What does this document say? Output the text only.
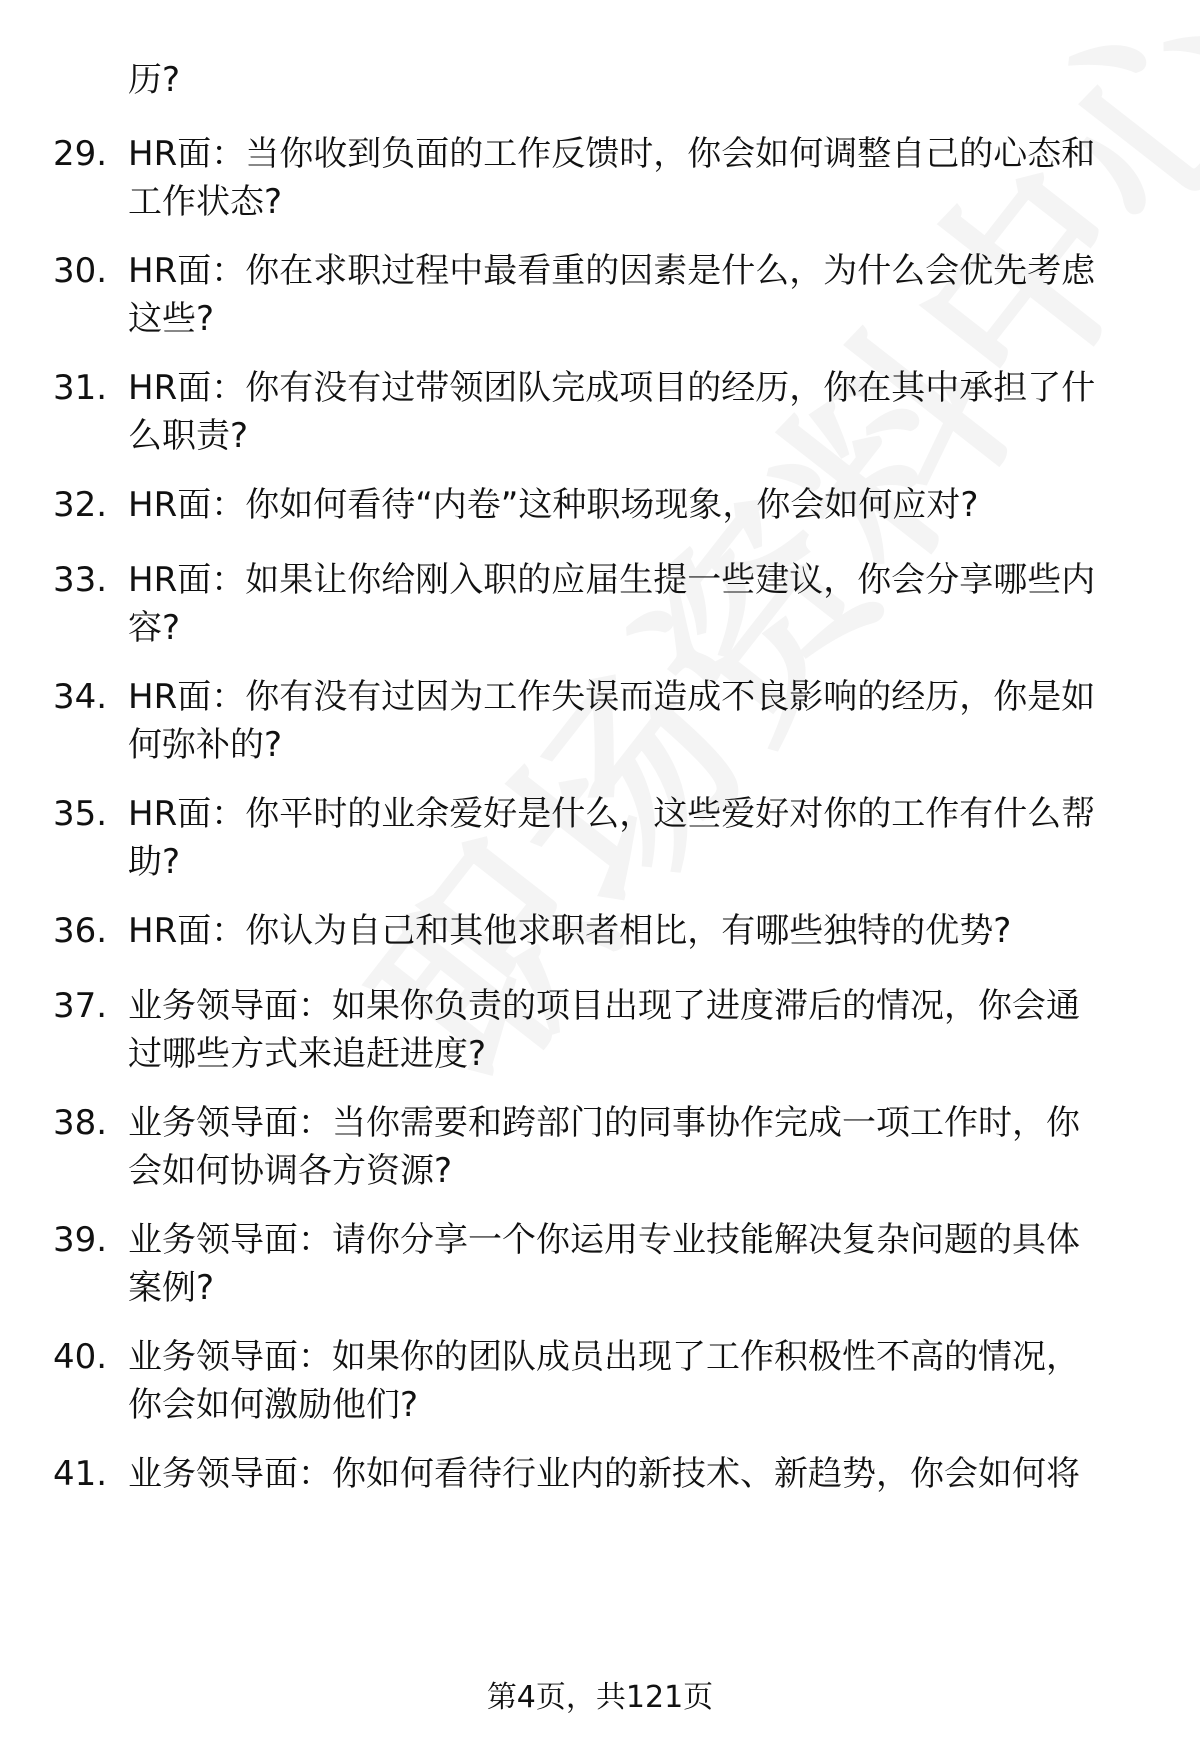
历?

29. HR面：当你收到负面的工作反馈时，你会如何调整自己的心态和
工作状态?
30. HR面：你在求职过程中最看重的因素是什么，为什么会优先考虑
这些?
31. HR面：你有没有过带领团队完成项目的经历，你在其中承担了什
么职责?
32. HR面：你如何看待“内卷”这种职场现象，你会如何应对?
33. HR面：如果让你给刚入职的应届生提一些建议，你会分享哪些内
容?
34. HR面：你有没有过因为工作失误而造成不良影响的经历，你是如
何弥补的?
35. HR面：你平时的业余爱好是什么，这些爱好对你的工作有什么帮
助?
36. HR面：你认为自己和其他求职者相比，有哪些独特的优势?
37. 业务领导面：如果你负责的项目出现了进度滞后的情况，你会通
过哪些方式来追赶进度?
38. 业务领导面：当你需要和跨部门的同事协作完成一项工作时，你
会如何协调各方资源?
39. 业务领导面：请你分享一个你运用专业技能解决复杂问题的具体
案例?
40. 业务领导面：如果你的团队成员出现了工作积极性不高的情况，
你会如何激励他们?
41. 业务领导面：你如何看待行业内的新技术、新趋势，你会如何将
第4页，共121页
